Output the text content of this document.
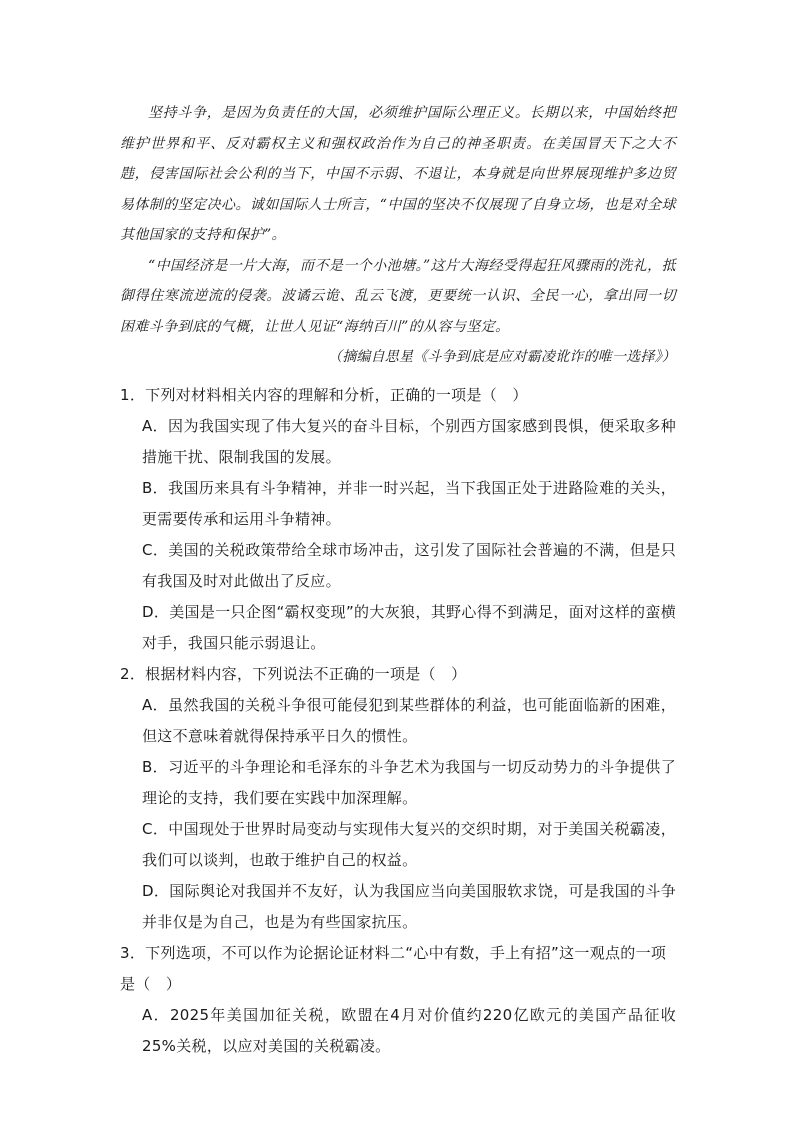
坚持斗争，是因为负责任的大国，必须维护国际公理正义。长期以来，中国始终把维护世界和平、反对霸权主义和强权政治作为自己的神圣职责。在美国冒天下之大不韪，侵害国际社会公利的当下，中国不示弱、不退让，本身就是向世界展现维护多边贸易体制的坚定决心。诚如国际人士所言，“中国的坚决不仅展现了自身立场，也是对全球其他国家的支持和保护”。

“中国经济是一片大海，而不是一个小池塘。”这片大海经受得起狂风骤雨的洗礼，抵御得住寒流逆流的侵袭。波谲云诡、乱云飞渡，更要统一认识、全民一心，拿出同一切困难斗争到底的气概，让世人见证“海纳百川”的从容与坚定。

（摘编自思星《斗争到底是应对霸凌讹诈的唯一选择》）

1．下列对材料相关内容的理解和分析，正确的一项是（　）

A．因为我国实现了伟大复兴的奋斗目标，个别西方国家感到畏惧，便采取多种措施干扰、限制我国的发展。

B．我国历来具有斗争精神，并非一时兴起，当下我国正处于进路险难的关头，更需要传承和运用斗争精神。

C．美国的关税政策带给全球市场冲击，这引发了国际社会普遍的不满，但是只有我国及时对此做出了反应。

D．美国是一只企图“霸权变现”的大灰狼，其野心得不到满足，面对这样的蛮横对手，我国只能示弱退让。

2．根据材料内容，下列说法不正确的一项是（　）

A．虽然我国的关税斗争很可能侵犯到某些群体的利益，也可能面临新的困难，但这不意味着就得保持承平日久的惯性。

B．习近平的斗争理论和毛泽东的斗争艺术为我国与一切反动势力的斗争提供了理论的支持，我们要在实践中加深理解。

C．中国现处于世界时局变动与实现伟大复兴的交织时期，对于美国关税霸凌，我们可以谈判，也敢于维护自己的权益。

D．国际舆论对我国并不友好，认为我国应当向美国服软求饶，可是我国的斗争并非仅是为自己，也是为有些国家抗压。

3．下列选项，不可以作为论据论证材料二“心中有数，手上有招”这一观点的一项是（　）

A．2025年美国加征关税，欧盟在4月对价值约220亿欧元的美国产品征收25%关税，以应对美国的关税霸凌。
